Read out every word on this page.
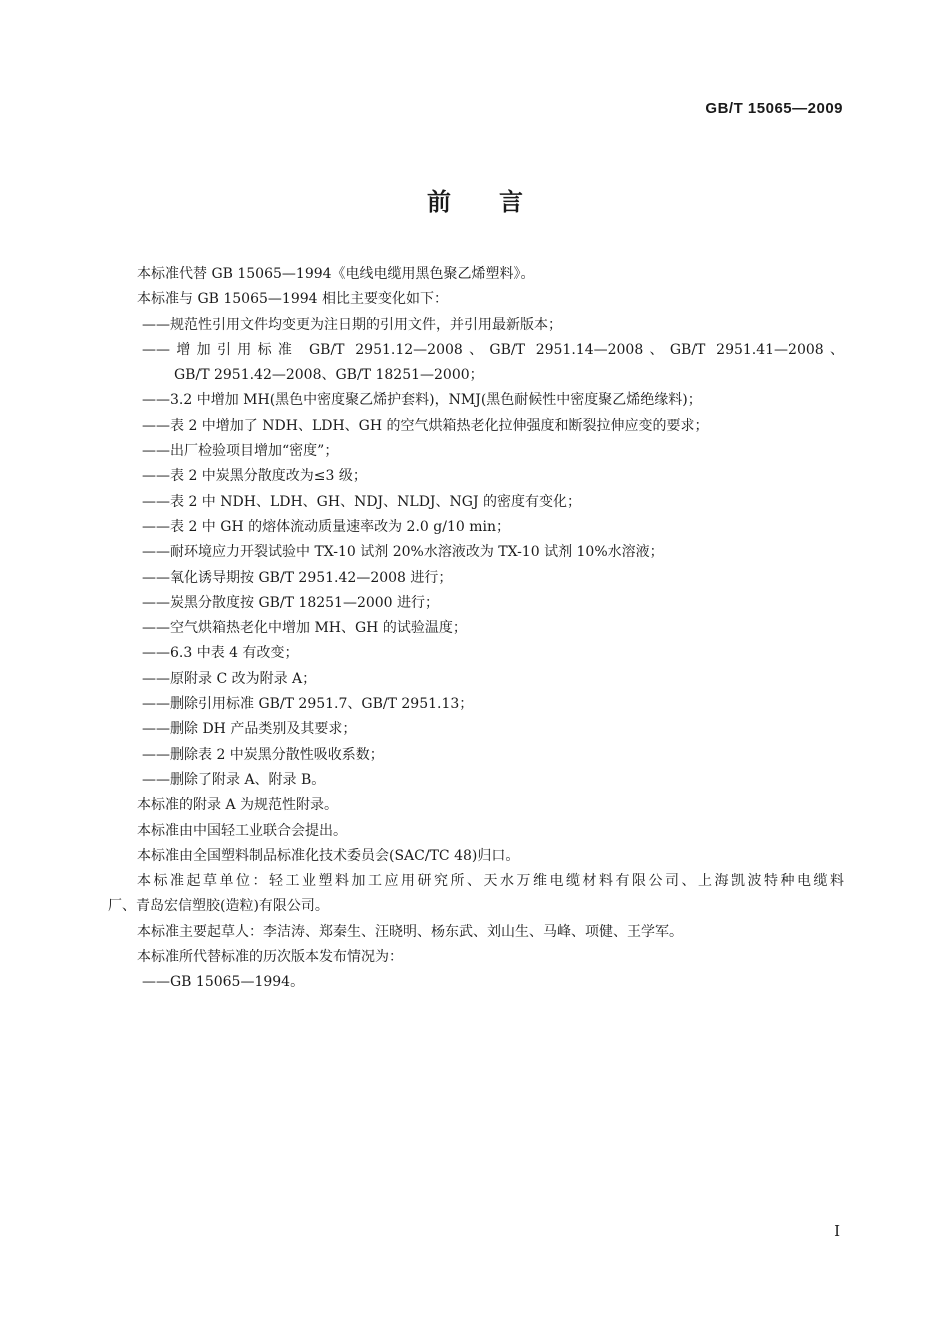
GB/T 15065—2009
前言

本标准代替 GB 15065—1994《电线电缆用黑色聚乙烯塑料》。

本标准与 GB 15065—1994 相比主要变化如下：

——规范性引用文件均变更为注日期的引用文件，并引用最新版本；

——增加引用标准 GB/T 2951.12—2008、GB/T 2951.14—2008、GB/T 2951.41—2008、

GB/T 2951.42—2008、GB/T 18251—2000；

——3.2 中增加 MH(黑色中密度聚乙烯护套料)，NMJ(黑色耐候性中密度聚乙烯绝缘料)；

——表 2 中增加了 NDH、LDH、GH 的空气烘箱热老化拉伸强度和断裂拉伸应变的要求；

——出厂检验项目增加“密度”；

——表 2 中炭黑分散度改为≤3 级；

——表 2 中 NDH、LDH、GH、NDJ、NLDJ、NGJ 的密度有变化；

——表 2 中 GH 的熔体流动质量速率改为 2.0 g/10 min；

——耐环境应力开裂试验中 TX-10 试剂 20%水溶液改为 TX-10 试剂 10%水溶液；

——氧化诱导期按 GB/T 2951.42—2008 进行；

——炭黑分散度按 GB/T 18251—2000 进行；

——空气烘箱热老化中增加 MH、GH 的试验温度；

——6.3 中表 4 有改变；

——原附录 C 改为附录 A；

——删除引用标准 GB/T 2951.7、GB/T 2951.13；

——删除 DH 产品类别及其要求；

——删除表 2 中炭黑分散性吸收系数；

——删除了附录 A、附录 B。

本标准的附录 A 为规范性附录。

本标准由中国轻工业联合会提出。

本标准由全国塑料制品标准化技术委员会(SAC/TC 48)归口。

本标准起草单位：轻工业塑料加工应用研究所、天水万维电缆材料有限公司、上海凯波特种电缆料

厂、青岛宏信塑胶(造粒)有限公司。

本标准主要起草人：李洁涛、郑秦生、汪晓明、杨东武、刘山生、马峰、项健、王学军。

本标准所代替标准的历次版本发布情况为：

——GB 15065—1994。

I
